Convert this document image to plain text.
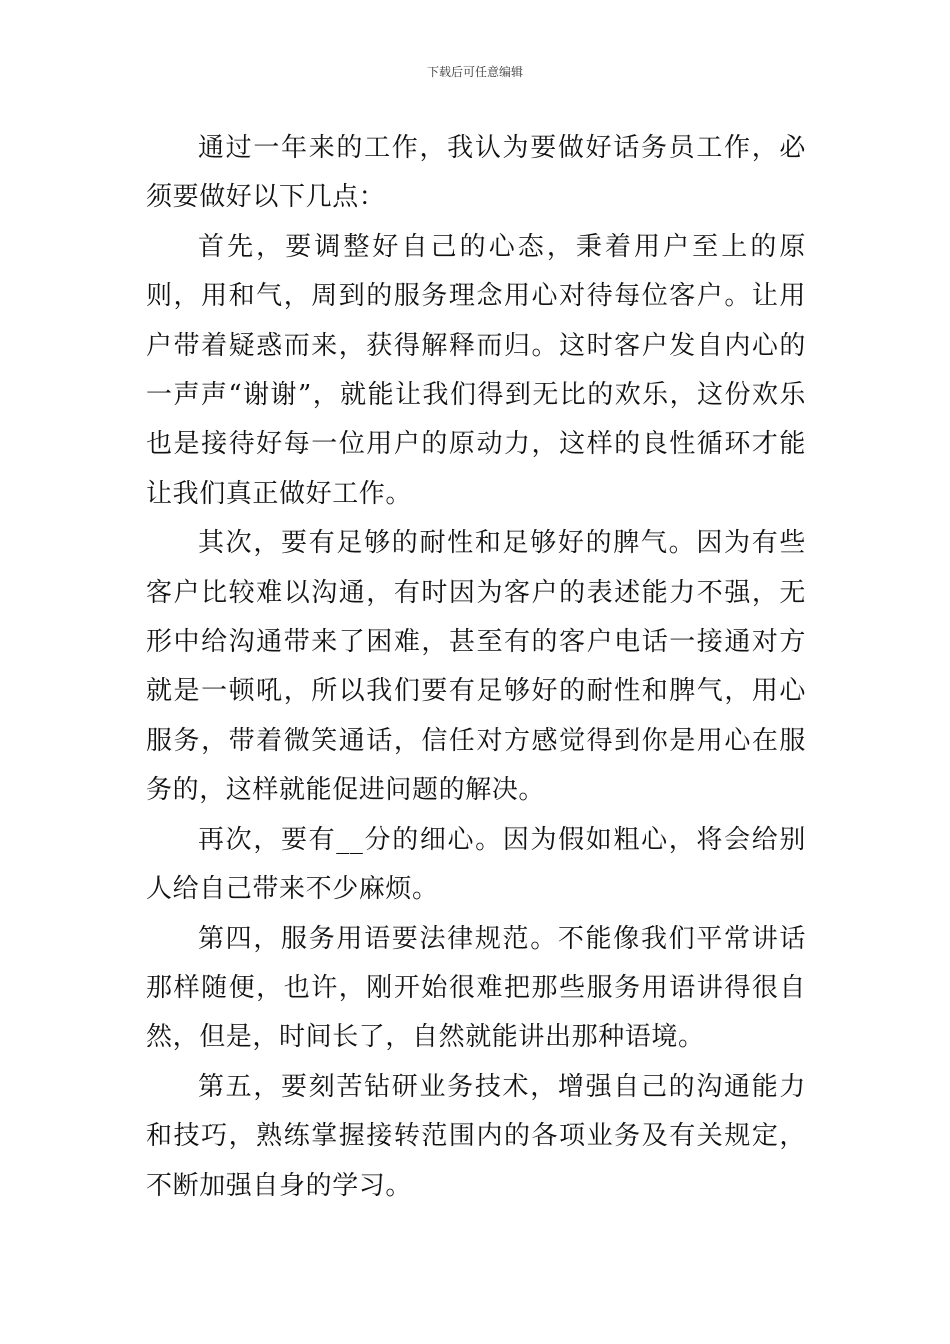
下载后可任意编辑

通过一年来的工作，我认为要做好话务员工作，必须要做好以下几点：

首先，要调整好自己的心态，秉着用户至上的原则，用和气，周到的服务理念用心对待每位客户。让用户带着疑惑而来，获得解释而归。这时客户发自内心的一声声“谢谢”，就能让我们得到无比的欢乐，这份欢乐也是接待好每一位用户的原动力，这样的良性循环才能让我们真正做好工作。

其次，要有足够的耐性和足够好的脾气。因为有些客户比较难以沟通，有时因为客户的表述能力不强，无形中给沟通带来了困难，甚至有的客户电话一接通对方就是一顿吼，所以我们要有足够好的耐性和脾气，用心服务，带着微笑通话，信任对方感觉得到你是用心在服务的，这样就能促进问题的解决。

再次，要有__分的细心。因为假如粗心，将会给别人给自己带来不少麻烦。

第四，服务用语要法律规范。不能像我们平常讲话那样随便，也许，刚开始很难把那些服务用语讲得很自然，但是，时间长了，自然就能讲出那种语境。

第五，要刻苦钻研业务技术，增强自己的沟通能力和技巧，熟练掌握接转范围内的各项业务及有关规定，不断加强自身的学习。
